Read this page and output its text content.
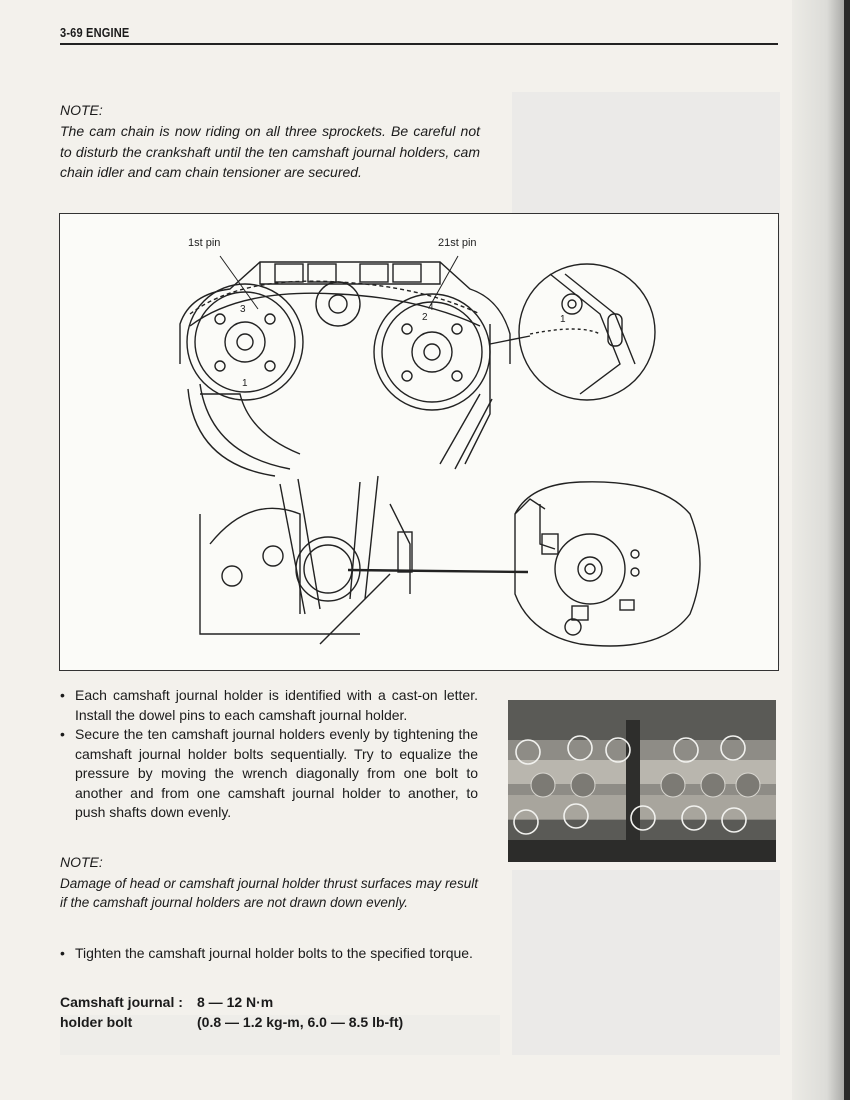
3-69 ENGINE
NOTE:
The cam chain is now riding on all three sprockets. Be careful not to disturb the crankshaft until the ten camshaft journal holders, cam chain idler and cam chain tensioner are secured.
3
2
1
4
1
1st pin	21st pin
• Each camshaft journal holder is identified with a cast-on letter. Install the dowel pins to each camshaft journal holder.
• Secure the ten camshaft journal holders evenly by tightening the camshaft journal holder bolts sequentially. Try to equalize the pressure by moving the wrench diagonally from one bolt to another and from one camshaft journal holder to another, to push shafts down evenly.
NOTE:
Damage of head or camshaft journal holder thrust surfaces may result if the camshaft journal holders are not drawn down evenly.
• Tighten the camshaft journal holder bolts to the specified torque.
Camshaft journal :
holder bolt
8 — 12 N·m
(0.8 — 1.2 kg-m, 6.0 — 8.5 lb-ft)
